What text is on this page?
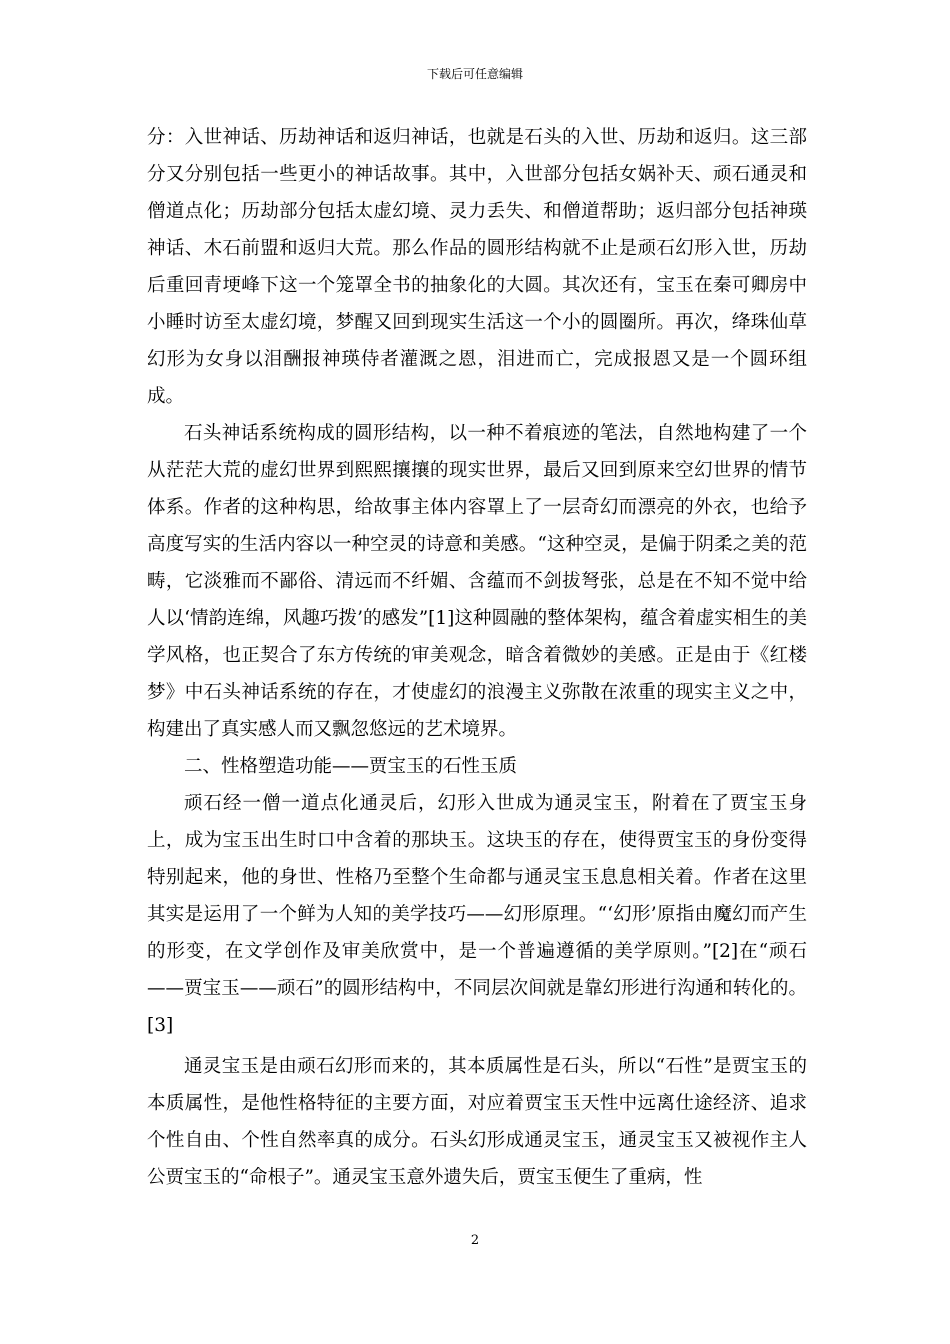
下载后可任意编辑

分：入世神话、历劫神话和返归神话，也就是石头的入世、历劫和返归。这三部分又分别包括一些更小的神话故事。其中，入世部分包括女娲补天、顽石通灵和僧道点化；历劫部分包括太虚幻境、灵力丢失、和僧道帮助；返归部分包括神瑛神话、木石前盟和返归大荒。那么作品的圆形结构就不止是顽石幻形入世，历劫后重回青埂峰下这一个笼罩全书的抽象化的大圆。其次还有，宝玉在秦可卿房中小睡时访至太虚幻境，梦醒又回到现实生活这一个小的圆圈所。再次，绛珠仙草幻形为女身以泪酬报神瑛侍者灌溉之恩，泪进而亡，完成报恩又是一个圆环组成。

石头神话系统构成的圆形结构，以一种不着痕迹的笔法，自然地构建了一个从茫茫大荒的虚幻世界到熙熙攘攘的现实世界，最后又回到原来空幻世界的情节体系。作者的这种构思，给故事主体内容罩上了一层奇幻而漂亮的外衣，也给予高度写实的生活内容以一种空灵的诗意和美感。“这种空灵，是偏于阴柔之美的范畴，它淡雅而不鄙俗、清远而不纤媚、含蕴而不剑拔弩张，总是在不知不觉中给人以‘情韵连绵，风趣巧拨’的感发”[1]这种圆融的整体架构，蕴含着虚实相生的美学风格，也正契合了东方传统的审美观念，暗含着微妙的美感。正是由于《红楼梦》中石头神话系统的存在，才使虚幻的浪漫主义弥散在浓重的现实主义之中，构建出了真实感人而又飘忽悠远的艺术境界。

二、性格塑造功能——贾宝玉的石性玉质

顽石经一僧一道点化通灵后，幻形入世成为通灵宝玉，附着在了贾宝玉身上，成为宝玉出生时口中含着的那块玉。这块玉的存在，使得贾宝玉的身份变得特别起来，他的身世、性格乃至整个生命都与通灵宝玉息息相关着。作者在这里其实是运用了一个鲜为人知的美学技巧——幻形原理。“‘幻形’原指由魔幻而产生的形变，在文学创作及审美欣赏中，是一个普遍遵循的美学原则。”[2]在“顽石——贾宝玉——顽石”的圆形结构中，不同层次间就是靠幻形进行沟通和转化的。[3]

通灵宝玉是由顽石幻形而来的，其本质属性是石头，所以“石性”是贾宝玉的本质属性，是他性格特征的主要方面，对应着贾宝玉天性中远离仕途经济、追求个性自由、个性自然率真的成分。石头幻形成通灵宝玉，通灵宝玉又被视作主人公贾宝玉的“命根子”。通灵宝玉意外遗失后，贾宝玉便生了重病，性

2
